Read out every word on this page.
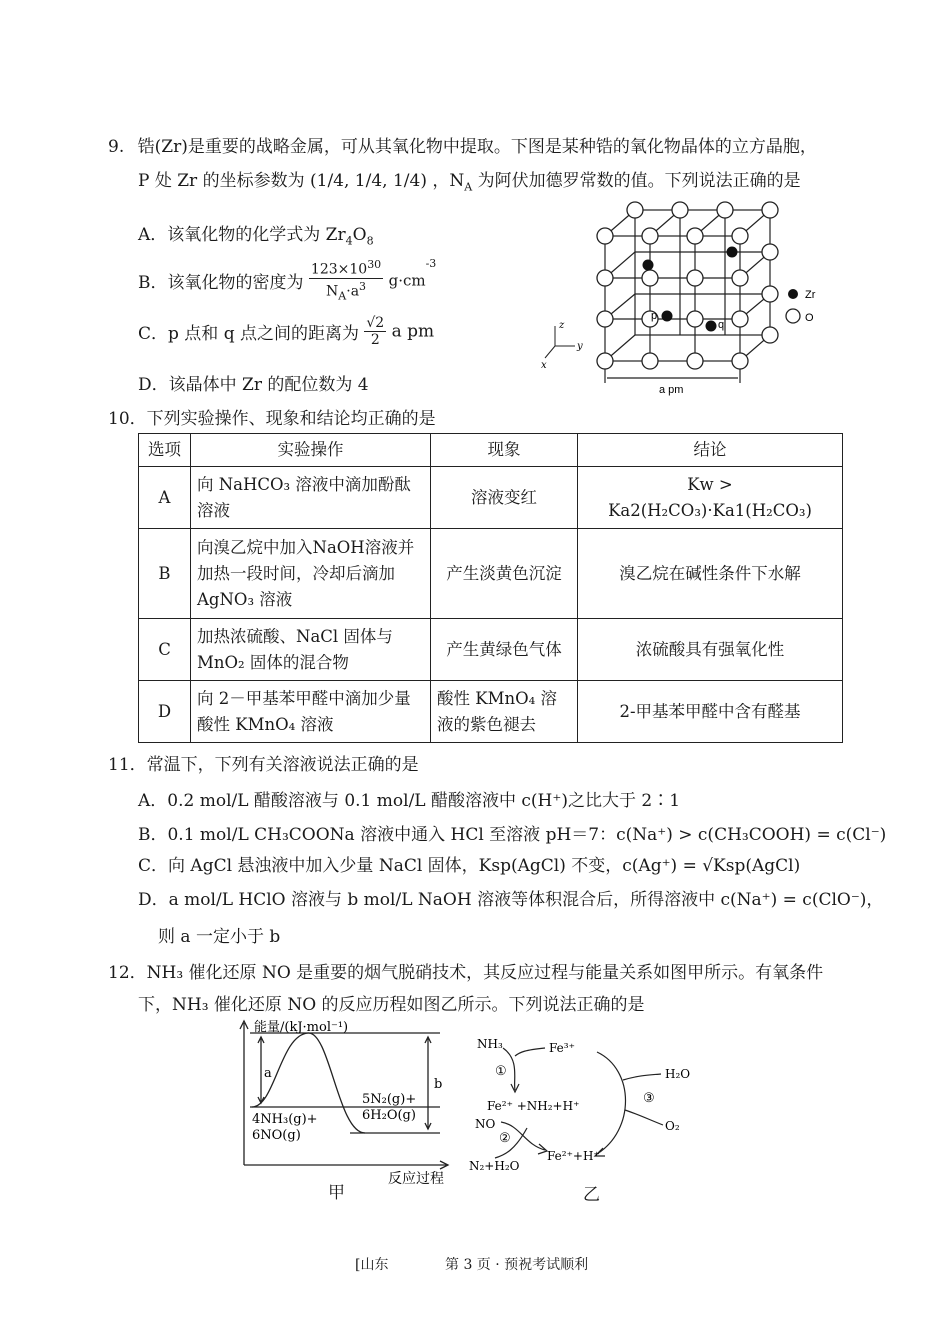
9. 锆(Zr)是重要的战略金属，可从其氧化物中提取。下图是某种锆的氧化物晶体的立方晶胞，
P 处 Zr 的坐标参数为 (1/4, 1/4, 1/4) ，$N_A$ 为阿伏加德罗常数的值。下列说法正确的是
A．该氧化物的化学式为 $Zr_4O_8$
B．该氧化物的密度为 $\frac{123\times 10^{30}}{N_A\cdot a^3} g\cdot cm^{-3}$
C．p 点和 q 点之间的距离为 $\frac{√2}{2}$ a pm
D．该晶体中 Zr 的配位数为 4
Zr
O
p
q
z
y
x
a pm
10．下列实验操作、现象和结论均正确的是
选项	实验操作	现象	结论
A	向 NaHCO₃ 溶液中滴加酚酞溶液	溶液变红	Kw > Ka2(H₂CO₃)·Ka1(H₂CO₃)
B	向溴乙烷中加入NaOH溶液并加热一段时间，冷却后滴加 AgNO₃ 溶液	产生淡黄色沉淀	溴乙烷在碱性条件下水解
C	加热浓硫酸、NaCl 固体与 MnO₂ 固体的混合物	产生黄绿色气体	浓硫酸具有强氧化性
D	向 2－甲基苯甲醛中滴加少量酸性 KMnO₄ 溶液	酸性 KMnO₄ 溶液的紫色褪去	2-甲基苯甲醛中含有醛基
11．常温下，下列有关溶液说法正确的是
A．0.2 mol/L 醋酸溶液与 0.1 mol/L 醋酸溶液中 c(H⁺)之比大于 2∶1
B．0.1 mol/L CH₃COONa 溶液中通入 HCl 至溶液 pH＝7：c(Na⁺) > c(CH₃COOH) = c(Cl⁻)
C．向 AgCl 悬浊液中加入少量 NaCl 固体，Ksp(AgCl) 不变，c(Ag⁺) = √Ksp(AgCl)
D．a mol/L HClO 溶液与 b mol/L NaOH 溶液等体积混合后，所得溶液中 c(Na⁺) = c(ClO⁻)，
则 a 一定小于 b
12．NH₃ 催化还原 NO 是重要的烟气脱硝技术，其反应过程与能量关系如图甲所示。有氧条件
下，NH₃ 催化还原 NO 的反应历程如图乙所示。下列说法正确的是
能量/(kJ·mol⁻¹)
a
b
4NH₃(g)+
6NO(g)
5N₂(g)+
6H₂O(g)
反应过程
甲
NH₃	Fe³⁺
①
Fe²⁺ +NH₂+H⁺
NO
②
N₂+H₂O
Fe²⁺+H⁺
H₂O
③
O₂
乙
[山东	第 3 页 · 预祝考试顺利
